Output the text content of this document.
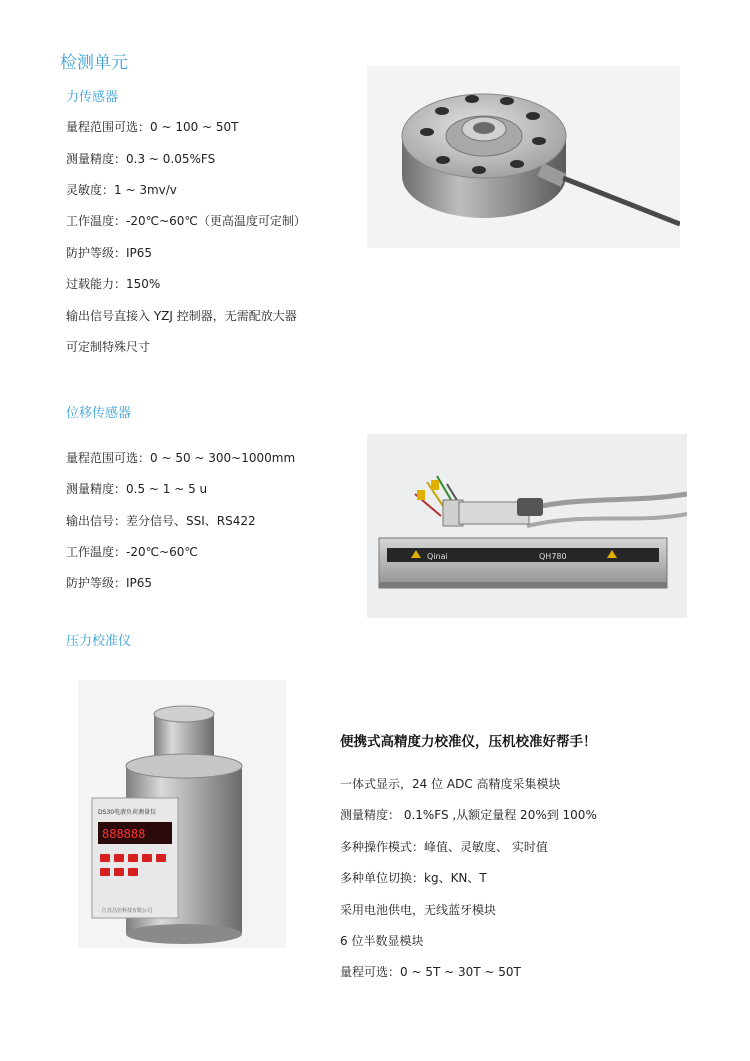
检测单元
力传感器
量程范围可选：0 ~ 100 ~ 50T
测量精度：0.3 ~ 0.05%FS
灵敏度：1 ~ 3mv/v
工作温度：-20℃~60℃（更高温度可定制）
防护等级：IP65
过载能力：150%
输出信号直接入 YZJ 控制器，无需配放大器
可定制特殊尺寸
位移传感器
量程范围可选：0 ~ 50 ~ 300~1000mm
测量精度：0.5 ~ 1 ~ 5 u
输出信号：差分信号、SSI、RS422
工作温度：-20℃~60℃
防护等级：IP65
Qinai	QH780
压力校准仪
DS30电液负荷测量仪
888888
江苏昌仕科技有限公司
便携式高精度力校准仪，压机校准好帮手！
一体式显示，24 位 ADC 高精度采集模块
测量精度： 0.1%FS ,从额定量程 20%到 100%
多种操作模式：峰值、灵敏度、 实时值
多种单位切换：kg、KN、T
采用电池供电，无线蓝牙模块
6 位半数显模块
量程可选：0 ~ 5T ~ 30T ~ 50T
